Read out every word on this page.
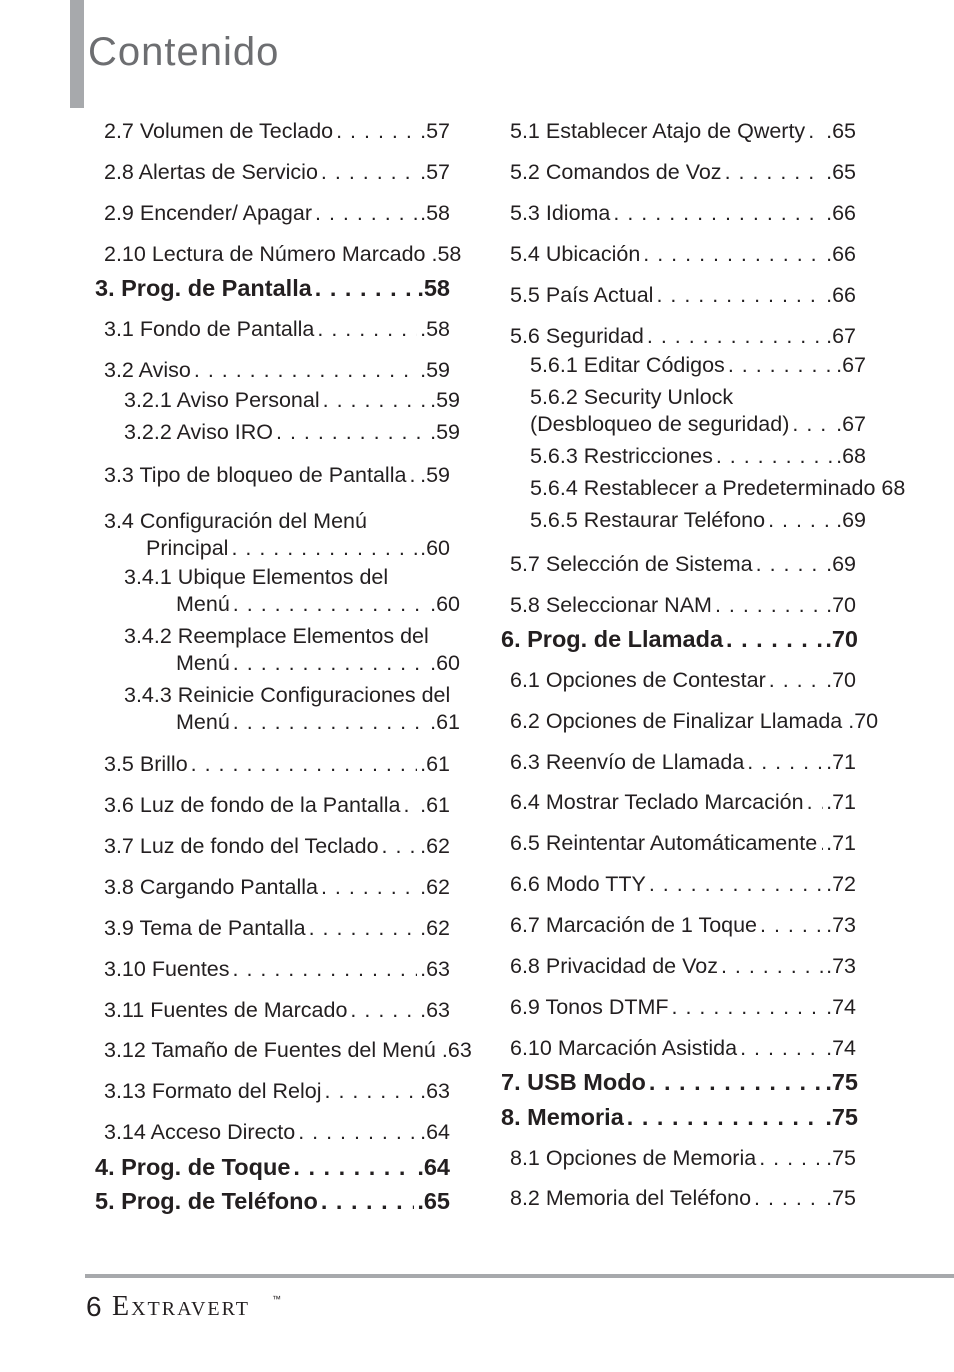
Contenido
2.7 Volumen de Teclado . . .	.57
2.8 Alertas de Servicio . . .	.57
2.9 Encender/ Apagar . . .	.58
2.10 Lectura de Número Marcado .58
3. Prog. de Pantalla . . .	.58
3.1 Fondo de Pantalla . . .	.58
3.2 Aviso . . .	.59
3.2.1 Aviso Personal . . .	.59
3.2.2 Aviso IRO . . .	.59
3.3 Tipo de bloqueo de Pantalla . . . .59
3.4 Configuración del Menú
Principal . . .	.60
3.4.1 Ubique Elementos del
Menú . . .	.60
3.4.2 Reemplace Elementos del
Menú . . .	.60
3.4.3 Reinicie Configuraciones del
Menú . . .	.61
3.5 Brillo . . .	.61
3.6 Luz de fondo de la Pantalla . . . .61
3.7 Luz de fondo del Teclado . . . .62
3.8 Cargando Pantalla . . .	.62
3.9 Tema de Pantalla . . .	.62
3.10 Fuentes . . .	.63
3.11 Fuentes de Marcado . . .	.63
3.12 Tamaño de Fuentes del Menú .63
3.13 Formato del Reloj . . .	.63
3.14 Acceso Directo . . .	.64
4. Prog. de Toque . . .	.64
5. Prog. de Teléfono . . .	.65
5.1 Establecer Atajo de Qwerty . . . .65
5.2 Comandos de Voz . . .	.65
5.3 Idioma . . .	.66
5.4 Ubicación . . .	.66
5.5 País Actual . . .	.66
5.6 Seguridad . . .	.67
5.6.1 Editar Códigos . . .	.67
5.6.2 Security Unlock
(Desbloqueo de seguridad) . . . .67
5.6.3 Restricciones . . .	.68
5.6.4 Restablecer a Predeterminado 68
5.6.5 Restaurar Teléfono . . .	.69
5.7 Selección de Sistema . . .	.69
5.8 Seleccionar NAM . . .	.70
6. Prog. de Llamada . . .	.70
6.1 Opciones de Contestar . . .	.70
6.2 Opciones de Finalizar Llamada .70
6.3 Reenvío de Llamada . . .	.71
6.4 Mostrar Teclado Marcación . . . .71
6.5 Reintentar Automáticamente . . . .71
6.6 Modo TTY . . .	.72
6.7 Marcación de 1 Toque . . .	.73
6.8 Privacidad de Voz . . .	.73
6.9 Tonos DTMF . . .	.74
6.10 Marcación Asistida . . .	.74
7. USB Modo . . .	.75
8. Memoria . . .	.75
8.1 Opciones de Memoria . . .	.75
8.2 Memoria del Teléfono . . .	.75
6 Extravert ™
